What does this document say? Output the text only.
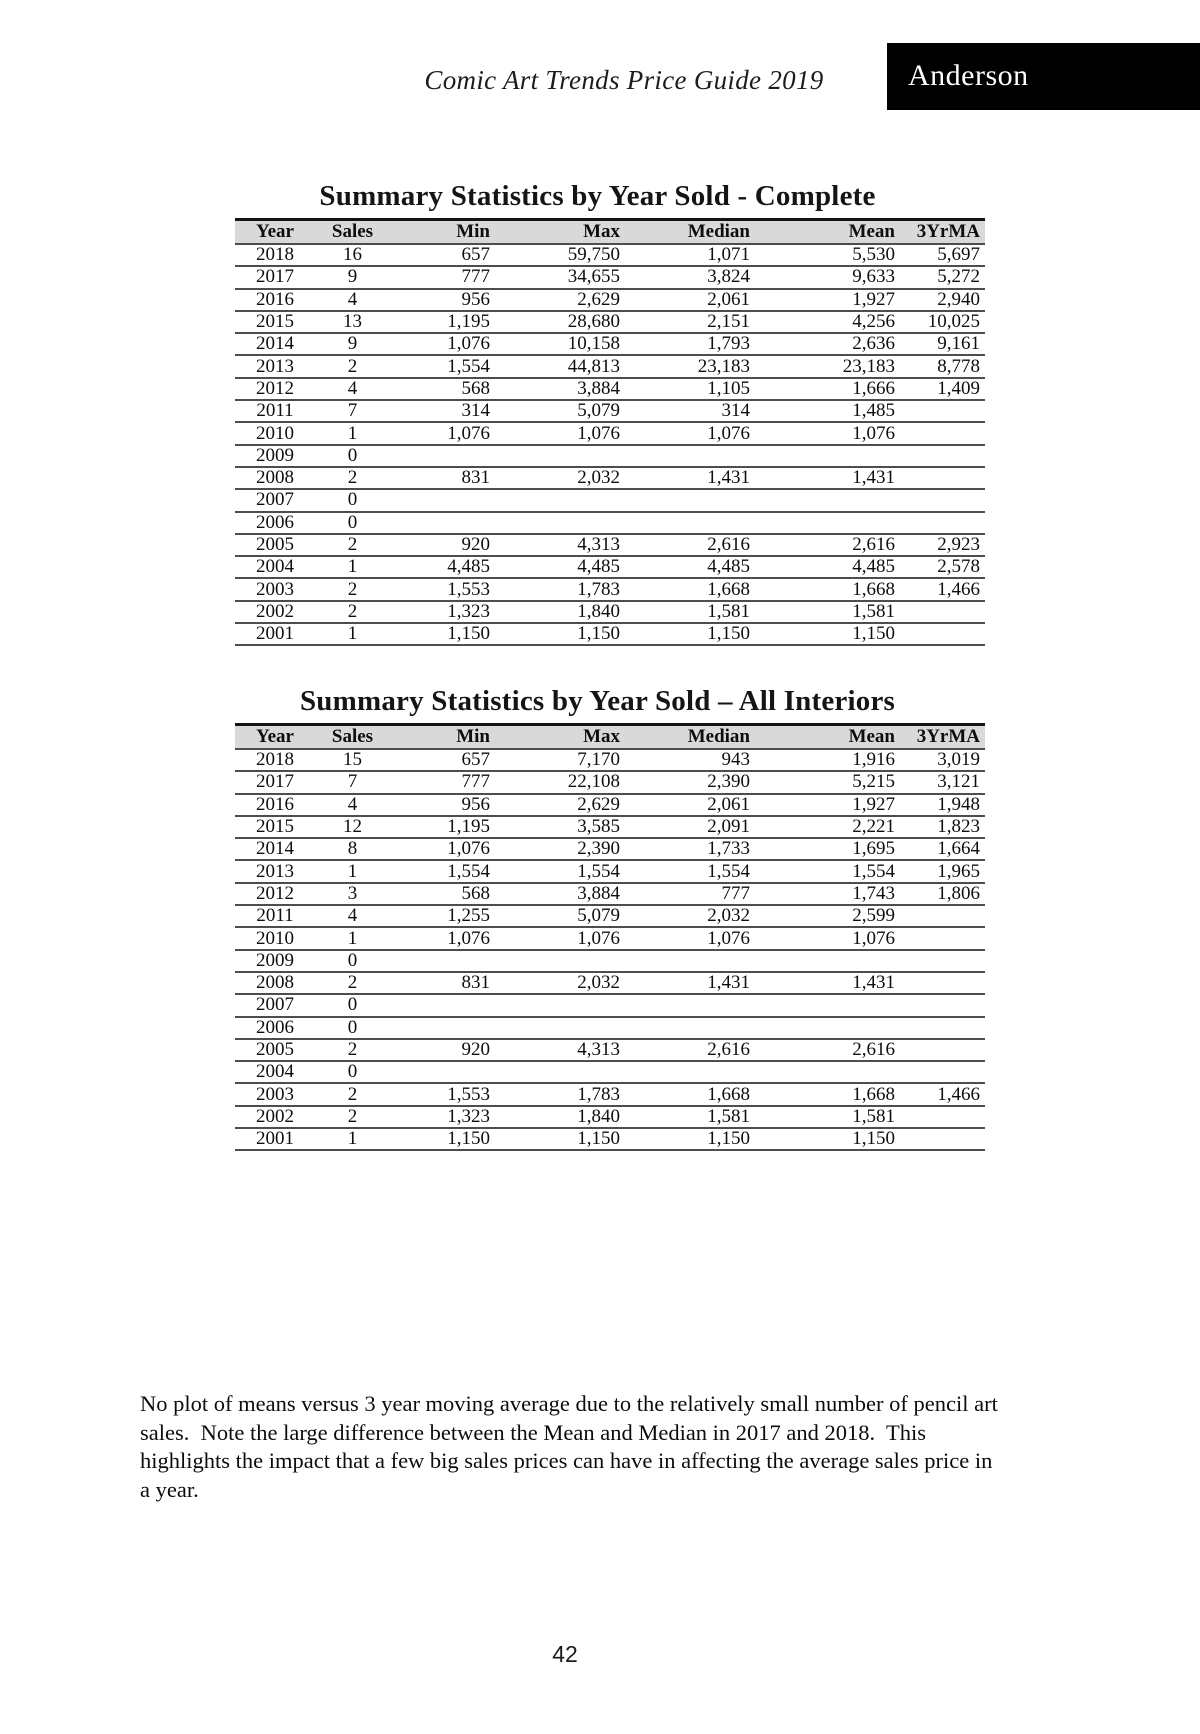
Comic Art Trends Price Guide 2019	Anderson
Summary Statistics by Year Sold - Complete
Year	Sales	Min	Max	Median	Mean	3YrMA
2018	16	657	59,750	1,071	5,530	5,697
2017	9	777	34,655	3,824	9,633	5,272
2016	4	956	2,629	2,061	1,927	2,940
2015	13	1,195	28,680	2,151	4,256	10,025
2014	9	1,076	10,158	1,793	2,636	9,161
2013	2	1,554	44,813	23,183	23,183	8,778
2012	4	568	3,884	1,105	1,666	1,409
2011	7	314	5,079	314	1,485	
2010	1	1,076	1,076	1,076	1,076	
2009	0					
2008	2	831	2,032	1,431	1,431	
2007	0					
2006	0					
2005	2	920	4,313	2,616	2,616	2,923
2004	1	4,485	4,485	4,485	4,485	2,578
2003	2	1,553	1,783	1,668	1,668	1,466
2002	2	1,323	1,840	1,581	1,581	
2001	1	1,150	1,150	1,150	1,150	
Summary Statistics by Year Sold – All Interiors
Year	Sales	Min	Max	Median	Mean	3YrMA
2018	15	657	7,170	943	1,916	3,019
2017	7	777	22,108	2,390	5,215	3,121
2016	4	956	2,629	2,061	1,927	1,948
2015	12	1,195	3,585	2,091	2,221	1,823
2014	8	1,076	2,390	1,733	1,695	1,664
2013	1	1,554	1,554	1,554	1,554	1,965
2012	3	568	3,884	777	1,743	1,806
2011	4	1,255	5,079	2,032	2,599	
2010	1	1,076	1,076	1,076	1,076	
2009	0					
2008	2	831	2,032	1,431	1,431	
2007	0					
2006	0					
2005	2	920	4,313	2,616	2,616	
2004	0					
2003	2	1,553	1,783	1,668	1,668	1,466
2002	2	1,323	1,840	1,581	1,581	
2001	1	1,150	1,150	1,150	1,150	
No plot of means versus 3 year moving average due to the relatively small number of pencil art
sales.  Note the large difference between the Mean and Median in 2017 and 2018.  This
highlights the impact that a few big sales prices can have in affecting the average sales price in
a year.
42
